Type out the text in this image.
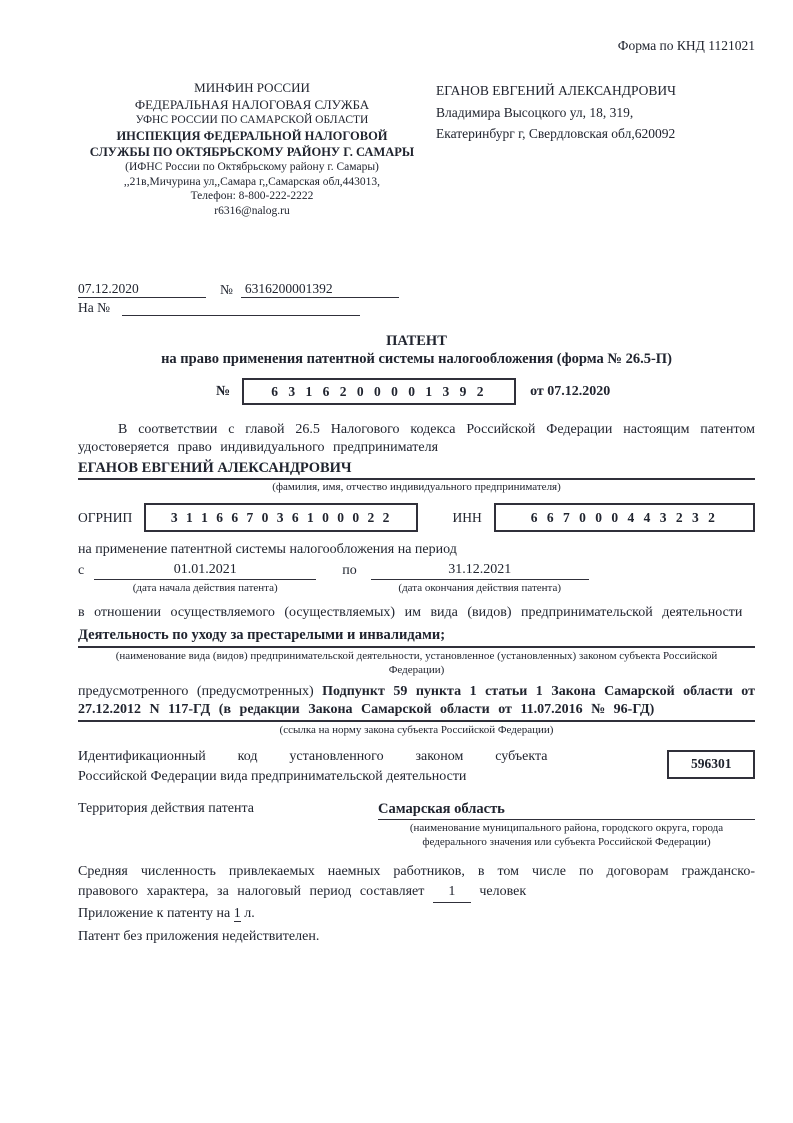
Форма по КНД 1121021
МИНФИН РОССИИ
ФЕДЕРАЛЬНАЯ НАЛОГОВАЯ СЛУЖБА
УФНС РОССИИ ПО САМАРСКОЙ ОБЛАСТИ
ИНСПЕКЦИЯ ФЕДЕРАЛЬНОЙ НАЛОГОВОЙ
СЛУЖБЫ ПО ОКТЯБРЬСКОМУ РАЙОНУ Г. САМАРЫ
(ИФНС России по Октябрьскому району г. Самары)
,,21в,Мичурина ул,,Самара г,,Самарская обл,443013,
Телефон: 8-800-222-2222
r6316@nalog.ru
ЕГАНОВ ЕВГЕНИЙ АЛЕКСАНДРОВИЧ
Владимира Высоцкого ул, 18, 319,
Екатеринбург г, Свердловская обл,620092
07.12.2020	№ 6316200001392
На №
ПАТЕНТ
на право применения патентной системы налогообложения (форма № 26.5-П)
№	6 3 1 6 2 0 0 0 0 1 3 9 2	от 07.12.2020

В соответствии с главой 26.5 Налогового кодекса Российской Федерации настоящим патентом удостоверяется право индивидуального предпринимателя

ЕГАНОВ ЕВГЕНИЙ АЛЕКСАНДРОВИЧ
(фамилия, имя, отчество индивидуального предпринимателя)
ОГРНИП	3 1 1 6 6 7 0 3 6 1 0 0 0 2 2	ИНН	6 6 7 0 0 0 4 4 3 2 3 2

на применение патентной системы налогообложения на период

с	01.01.2021
(дата начала действия патента)
по	31.12.2021
(дата окончания действия патента)

в отношении осуществляемого (осуществляемых) им вида (видов) предпринимательской деятельности

Деятельность по уходу за престарелыми и инвалидами;
(наименование вида (видов) предпринимательской деятельности, установленное (установленных) законом субъекта Российской Федерации)

предусмотренного (предусмотренных) Подпункт 59 пункта 1 статьи 1 Закона Самарской области от 27.12.2012 N 117-ГД (в редакции Закона Самарской области от 11.07.2016 № 96-ГД)

(ссылка на норму закона субъекта Российской Федерации)
Идентификационный код установленного законом субъекта
Российской Федерации вида предпринимательской деятельности
596301
Территория действия патента	Самарская область
(наименование муниципального района, городского округа, города федерального значения или субъекта Российской Федерации)

Средняя численность привлекаемых наемных работников, в том числе по договорам гражданско-правового характера, за налоговый период составляет 1 человек

Приложение к патенту на 1 л.

Патент без приложения недействителен.
